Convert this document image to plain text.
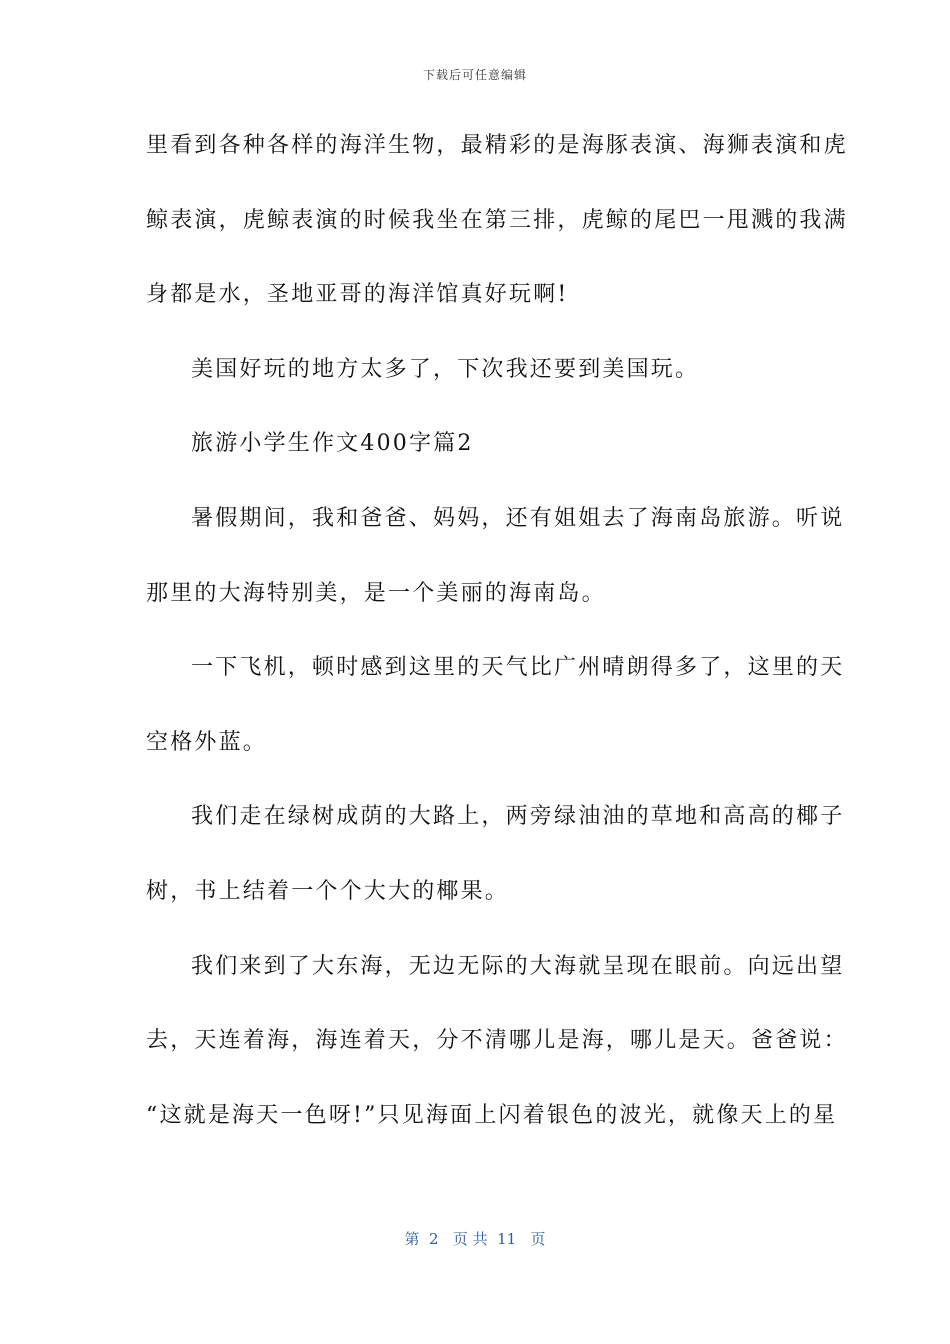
下载后可任意编辑
里看到各种各样的海洋生物，最精彩的是海豚表演、海狮表演和虎
鲸表演，虎鲸表演的时候我坐在第三排，虎鲸的尾巴一甩溅的我满
身都是水，圣地亚哥的海洋馆真好玩啊!
美国好玩的地方太多了，下次我还要到美国玩。
旅游小学生作文400字篇2
暑假期间，我和爸爸、妈妈，还有姐姐去了海南岛旅游。听说
那里的大海特别美，是一个美丽的海南岛。
一下飞机，顿时感到这里的天气比广州晴朗得多了，这里的天
空格外蓝。
我们走在绿树成荫的大路上，两旁绿油油的草地和高高的椰子
树，书上结着一个个大大的椰果。
我们来到了大东海，无边无际的大海就呈现在眼前。向远出望
去，天连着海，海连着天，分不清哪儿是海，哪儿是天。爸爸说：
“这就是海天一色呀!”只见海面上闪着银色的波光，就像天上的星
第  2   页 共  11   页
